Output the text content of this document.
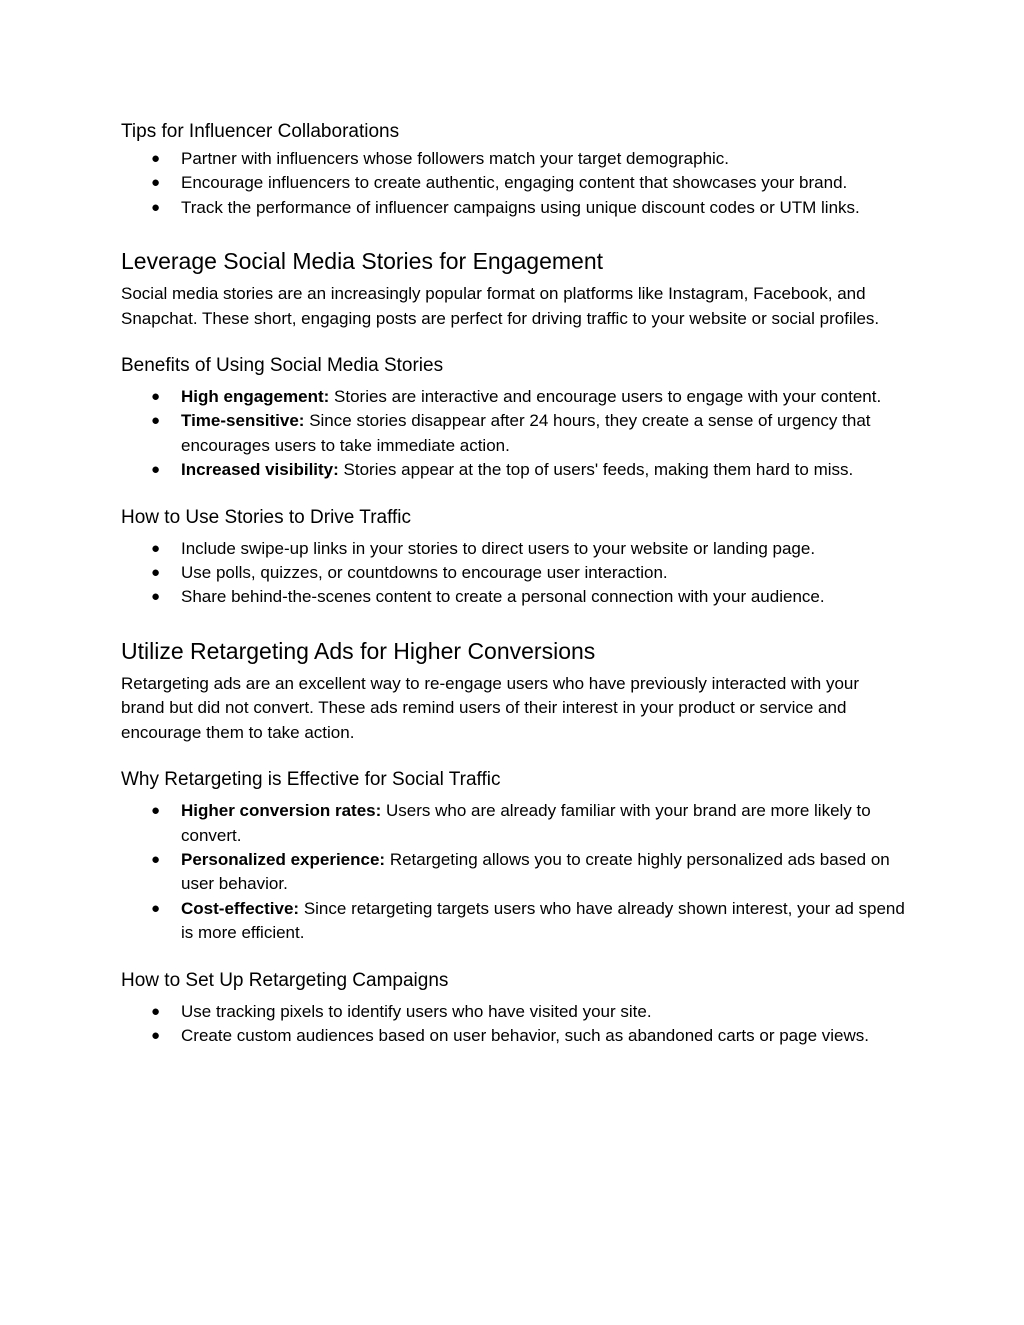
Tips for Influencer Collaborations
● Partner with influencers whose followers match your target demographic.
● Encourage influencers to create authentic, engaging content that showcases your brand.
● Track the performance of influencer campaigns using unique discount codes or UTM links.
Leverage Social Media Stories for Engagement

Social media stories are an increasingly popular format on platforms like Instagram, Facebook, and Snapchat. These short, engaging posts are perfect for driving traffic to your website or social profiles.

Benefits of Using Social Media Stories
● High engagement: Stories are interactive and encourage users to engage with your content.
● Time-sensitive: Since stories disappear after 24 hours, they create a sense of urgency that encourages users to take immediate action.
● Increased visibility: Stories appear at the top of users' feeds, making them hard to miss.
How to Use Stories to Drive Traffic
● Include swipe-up links in your stories to direct users to your website or landing page.
● Use polls, quizzes, or countdowns to encourage user interaction.
● Share behind-the-scenes content to create a personal connection with your audience.
Utilize Retargeting Ads for Higher Conversions

Retargeting ads are an excellent way to re-engage users who have previously interacted with your brand but did not convert. These ads remind users of their interest in your product or service and encourage them to take action.

Why Retargeting is Effective for Social Traffic
● Higher conversion rates: Users who are already familiar with your brand are more likely to convert.
● Personalized experience: Retargeting allows you to create highly personalized ads based on user behavior.
● Cost-effective: Since retargeting targets users who have already shown interest, your ad spend is more efficient.
How to Set Up Retargeting Campaigns
● Use tracking pixels to identify users who have visited your site.
● Create custom audiences based on user behavior, such as abandoned carts or page views.
